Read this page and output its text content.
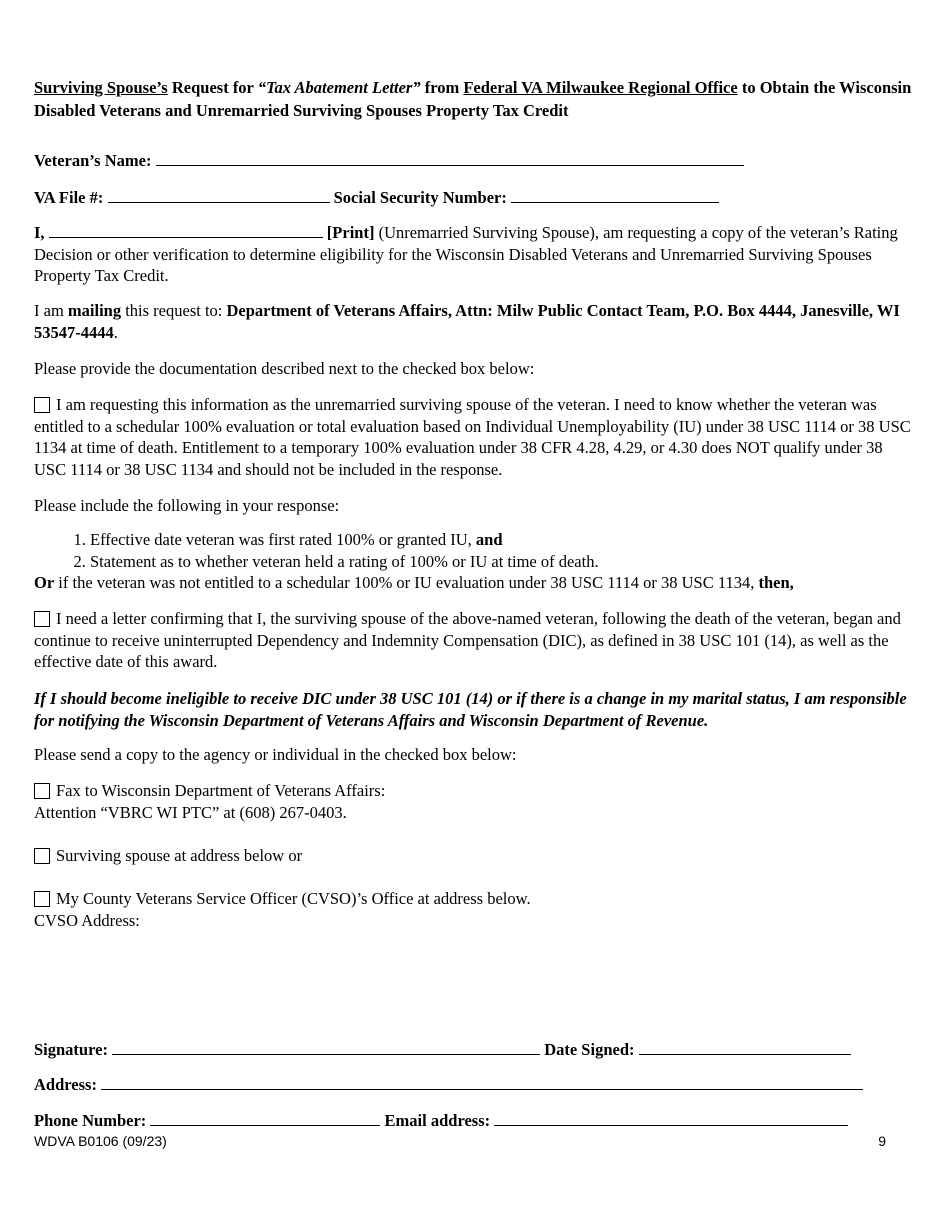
Surviving Spouse’s Request for “Tax Abatement Letter” from Federal VA Milwaukee Regional Office to Obtain the Wisconsin Disabled Veterans and Unremarried Surviving Spouses Property Tax Credit
Veteran’s Name:
VA File #:	Social Security Number:
I,	[Print] (Unremarried Surviving Spouse), am requesting a copy of the veteran’s Rating Decision or other verification to determine eligibility for the Wisconsin Disabled Veterans and Unremarried Surviving Spouses Property Tax Credit.
I am mailing this request to: Department of Veterans Affairs, Attn: Milw Public Contact Team, P.O. Box 4444, Janesville, WI 53547-4444.
Please provide the documentation described next to the checked box below:
I am requesting this information as the unremarried surviving spouse of the veteran. I need to know whether the veteran was entitled to a schedular 100% evaluation or total evaluation based on Individual Unemployability (IU) under 38 USC 1114 or 38 USC 1134 at time of death. Entitlement to a temporary 100% evaluation under 38 CFR 4.28, 4.29, or 4.30 does NOT qualify under 38 USC 1114 or 38 USC 1134 and should not be included in the response.
Please include the following in your response:
1. Effective date veteran was first rated 100% or granted IU, and
2. Statement as to whether veteran held a rating of 100% or IU at time of death.
Or if the veteran was not entitled to a schedular 100% or IU evaluation under 38 USC 1114 or 38 USC 1134, then,
I need a letter confirming that I, the surviving spouse of the above-named veteran, following the death of the veteran, began and continue to receive uninterrupted Dependency and Indemnity Compensation (DIC), as defined in 38 USC 101 (14), as well as the effective date of this award.
If I should become ineligible to receive DIC under 38 USC 101 (14) or if there is a change in my marital status, I am responsible for notifying the Wisconsin Department of Veterans Affairs and Wisconsin Department of Revenue.
Please send a copy to the agency or individual in the checked box below:
Fax to Wisconsin Department of Veterans Affairs:
Attention “VBRC WI PTC” at (608) 267-0403.
Surviving spouse at address below or
My County Veterans Service Officer (CVSO)’s Office at address below.
CVSO Address:
Signature:	Date Signed:
Address:
Phone Number:	Email address:
WDVA B0106 (09/23)	9
